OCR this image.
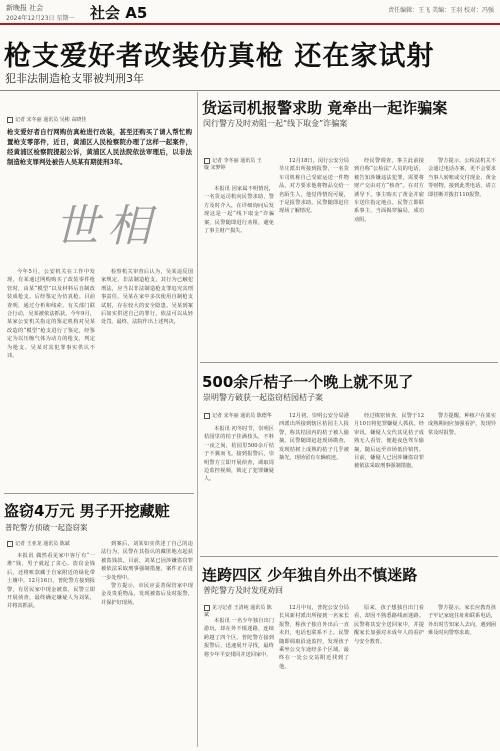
新晚报 社会
2024年12月23日 星期一 社会 A5	责任编辑：王飞 美编：王羽 校对：冯强
枪支爱好者改装仿真枪 还在家试射
犯非法制造枪支罪被判刑3年
记者 宋冬丽 通讯员 吴彬 高晓佳
枪支爱好者自行网购仿真枪进行改装，甚至还购买了请人帮忙购置枪支零部件，近日，黄浦区人民检察院办理了这样一起案件，经黄浦区检察院提起公诉，黄浦区人民法院依法审理后，以非法制造枪支罪判处被告人吴某有期徒刑3年。
世相

今年5月，公安机关在工作中发现，有某通过网购购买了改装零件枪管时，由某“模型”以及材料后自制改装成枪支。后经鉴定为仿真枪。目前查明，通过分析和线索，有关部门联合行动，吴某被依法抓获。今年9月，某家公安机关指定的鉴定机构对吴某改造的“模型”枪支进行了鉴定，经鉴定为以压缩气体为动力的枪支，判定为枪支。吴某对其犯罪事实供认不讳。

检察机关审查后认为，吴某违反国家规定，非法制造枪支，其行为已触犯刑法，应当以非法制造枪支罪追究其刑事责任。吴某在家中多次使用自制枪支试射，存在较大的安全隐患。吴某到案后如实供述自己的罪行，依法可以从轻处罚。最终，法院作出上述判决。

盗窃4万元 男子开挖藏赃
普陀警方侦破一起盗窃案
记者 王亚龙 通讯员 陈斌

本报讯 偶然看见家中客厅有“一堆”钱，男子就起了贪心。盗窃金钱后，还将赃款藏于自家附近的绿化带土壤中。12月16日，普陀警方接到报警，有居民家中现金被盗，民警立即开展侦查，最终确定嫌疑人为刘某，并将其抓获。

到案后，刘某如实供述了自己的违法行为，民警在其指认的藏匿地点起获被盗钱款。目前，刘某已因涉嫌盗窃罪被依法采取刑事强制措施，案件正在进一步处理中。

警方提示，市民应妥善保管家中现金及贵重物品，发现被盗后及时报警，并保护好现场。

货运司机报警求助 竟牵出一起诈骗案
闵行警方及时劝阻一起“线下取金”诈骗案
记者 李冬丽 通讯员 王璇 宋梦婷

本报讯 因家属不明情况，一名货运司机向民警求助，警方及时介入，在详细询问后发现这是一起“线下取金”诈骗案，民警随即进行劝阻，避免了事主财产损失。

12月18日，闵行公安分局莘庄派出所接到报警，一名货车司机称自己受雇运送一件物品，对方要求他将物品交给一名陌生人，他觉得情况可疑，于是报警求助。民警随即赶往现场了解情况。

经民警调查，事主此前接到自称“公检法”人员的电话，被告知涉嫌违法犯罪，需要将财产交由对方“核查”。在对方诱导下，事主购买了黄金并雇车送往指定地点。民警立即联系事主，当面揭穿骗局，成功劝阻。

警方提示，公检法机关不会通过电话办案，更不会要求当事人转账或交付现金、黄金等财物。接到此类电话，请立即挂断并拨打110报警。

500余斤桔子一个晚上就不见了
崇明警方破获一起盗窃桔园桔子案
记者 宋冬丽 通讯员 陈德华

本报讯 初冬时节，崇明区桔园里的桔子挂满枝头，不料一夜之间，桔园里500余斤桔子不翼而飞。接到报警后，崇明警方立即开展侦查，调取周边监控视频，锁定了犯罪嫌疑人。

12月初，崇明公安分局港西派出所接到辖区桔园主人报警，称其桔园内的桔子被人偷摘。民警随即赶赴现场勘查，发现桔树上成熟的桔子几乎被摘光，现场留有车辆痕迹。

经过缜密侦查，民警于12月10日将犯罪嫌疑人抓获。经审讯，嫌疑人交代其见桔子成熟无人看管，便趁夜色驾车偷摘，随后运至市场低价销售。目前，嫌疑人已因涉嫌盗窃罪被依法采取刑事强制措施。

警方提醒，种植户在果实成熟期间应加强看护，发现异常及时报警。

连跨四区 少年独自外出不慎迷路
普陀警方及时发现劝回
见习记者 王清纯 通讯员 陈斌

本报讯 一名少年独自出门游玩，却在外不慎迷路，连续跨越了四个区。普陀警方接到报警后，迅速展开寻找，最终将少年平安找回并送回家中。

12月中旬，普陀公安分局长风新村派出所接到一名家长报警，称孩子独自外出后一直未归，电话也联系不上。民警随即调取沿途监控，发现孩子乘坐公交车途经多个区域，最终在一处公交站附近找到了他。

原来，孩子想独自出门看看，却因不熟悉路线而迷路。民警将其安全送回家中，并提醒家长加强对未成年人的看护与安全教育。

警方提示，家长应教育孩子牢记家庭住址和联系电话，外出时告知家人去向，遇到困难及时向警察求助。
